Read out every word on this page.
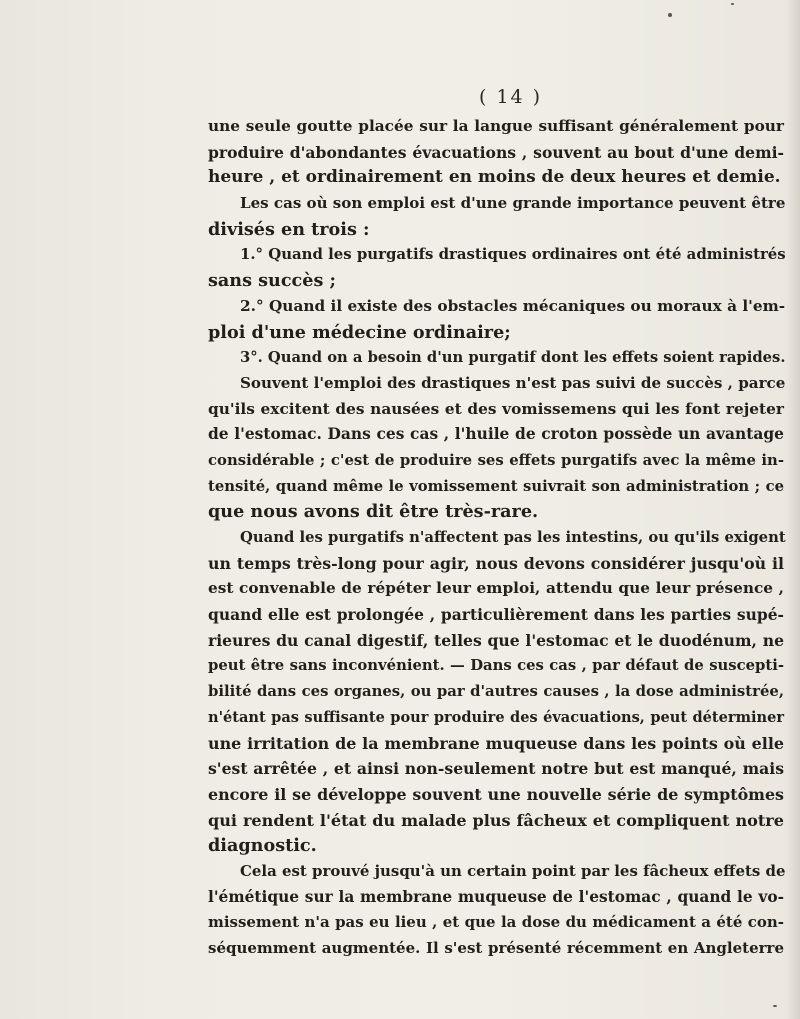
( 14 )
une seule goutte placée sur la langue suffisant généralement pour
produire d'abondantes évacuations , souvent au bout d'une demi-
heure , et ordinairement en moins de deux heures et demie.
Les cas où son emploi est d'une grande importance peuvent être
divisés en trois :
1.° Quand les purgatifs drastiques ordinaires ont été administrés
sans succès ;
2.° Quand il existe des obstacles mécaniques ou moraux à l'em-
ploi d'une médecine ordinaire;
3°. Quand on a besoin d'un purgatif dont les effets soient rapides.
Souvent l'emploi des drastiques n'est pas suivi de succès , parce
qu'ils excitent des nausées et des vomissemens qui les font rejeter
de l'estomac. Dans ces cas , l'huile de croton possède un avantage
considérable ; c'est de produire ses effets purgatifs avec la même in-
tensité, quand même le vomissement suivrait son administration ; ce
que nous avons dit être très-rare.
Quand les purgatifs n'affectent pas les intestins, ou qu'ils exigent
un temps très-long pour agir, nous devons considérer jusqu'où il
est convenable de répéter leur emploi, attendu que leur présence ,
quand elle est prolongée , particulièrement dans les parties supé-
rieures du canal digestif, telles que l'estomac et le duodénum, ne
peut être sans inconvénient. — Dans ces cas , par défaut de suscepti-
bilité dans ces organes, ou par d'autres causes , la dose administrée,
n'étant pas suffisante pour produire des évacuations, peut déterminer
une irritation de la membrane muqueuse dans les points où elle
s'est arrêtée , et ainsi non-seulement notre but est manqué, mais
encore il se développe souvent une nouvelle série de symptômes
qui rendent l'état du malade plus fâcheux et compliquent notre
diagnostic.
Cela est prouvé jusqu'à un certain point par les fâcheux effets de
l'émétique sur la membrane muqueuse de l'estomac , quand le vo-
missement n'a pas eu lieu , et que la dose du médicament a été con-
séquemment augmentée. Il s'est présenté récemment en Angleterre
